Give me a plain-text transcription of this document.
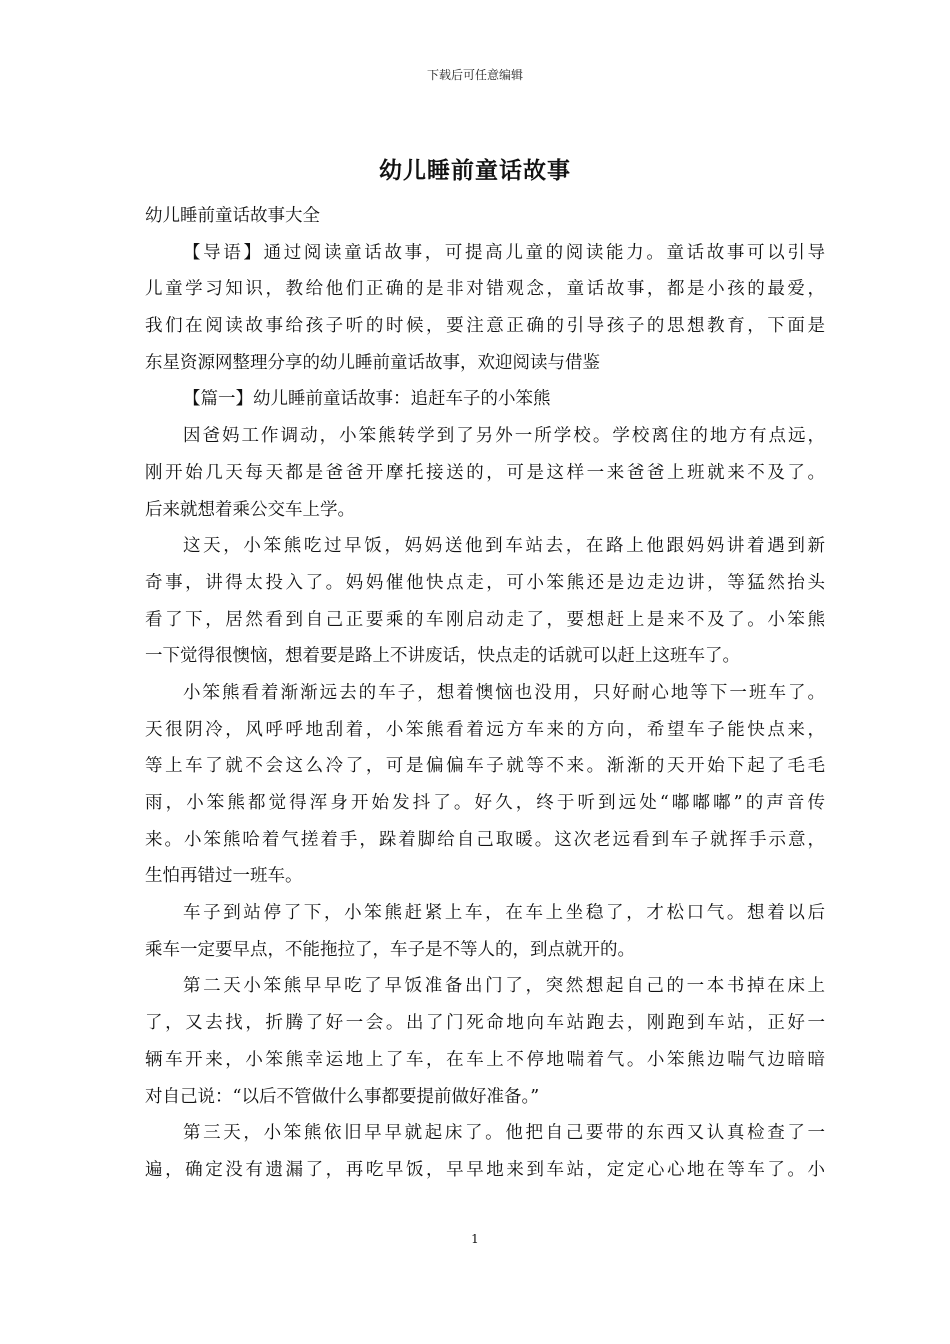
下载后可任意编辑
幼儿睡前童话故事
幼儿睡前童话故事大全
【导语】通过阅读童话故事，可提高儿童的阅读能力。童话故事可以引导
儿童学习知识，教给他们正确的是非对错观念，童话故事，都是小孩的最爱，
我们在阅读故事给孩子听的时候，要注意正确的引导孩子的思想教育，下面是
东星资源网整理分享的幼儿睡前童话故事，欢迎阅读与借鉴
【篇一】幼儿睡前童话故事：追赶车子的小笨熊
因爸妈工作调动，小笨熊转学到了另外一所学校。学校离住的地方有点远，
刚开始几天每天都是爸爸开摩托接送的，可是这样一来爸爸上班就来不及了。
后来就想着乘公交车上学。
这天，小笨熊吃过早饭，妈妈送他到车站去，在路上他跟妈妈讲着遇到新
奇事，讲得太投入了。妈妈催他快点走，可小笨熊还是边走边讲，等猛然抬头
看了下，居然看到自己正要乘的车刚启动走了，要想赶上是来不及了。小笨熊
一下觉得很懊恼，想着要是路上不讲废话，快点走的话就可以赶上这班车了。
小笨熊看着渐渐远去的车子，想着懊恼也没用，只好耐心地等下一班车了。
天很阴冷，风呼呼地刮着，小笨熊看着远方车来的方向，希望车子能快点来，
等上车了就不会这么冷了，可是偏偏车子就等不来。渐渐的天开始下起了毛毛
雨，小笨熊都觉得浑身开始发抖了。好久，终于听到远处“嘟嘟嘟”的声音传
来。小笨熊哈着气搓着手，跺着脚给自己取暖。这次老远看到车子就挥手示意，
生怕再错过一班车。
车子到站停了下，小笨熊赶紧上车，在车上坐稳了，才松口气。想着以后
乘车一定要早点，不能拖拉了，车子是不等人的，到点就开的。
第二天小笨熊早早吃了早饭准备出门了，突然想起自己的一本书掉在床上
了，又去找，折腾了好一会。出了门死命地向车站跑去，刚跑到车站，正好一
辆车开来，小笨熊幸运地上了车，在车上不停地喘着气。小笨熊边喘气边暗暗
对自己说：“以后不管做什么事都要提前做好准备。”
第三天，小笨熊依旧早早就起床了。他把自己要带的东西又认真检查了一
遍，确定没有遗漏了，再吃早饭，早早地来到车站，定定心心地在等车了。小
1
